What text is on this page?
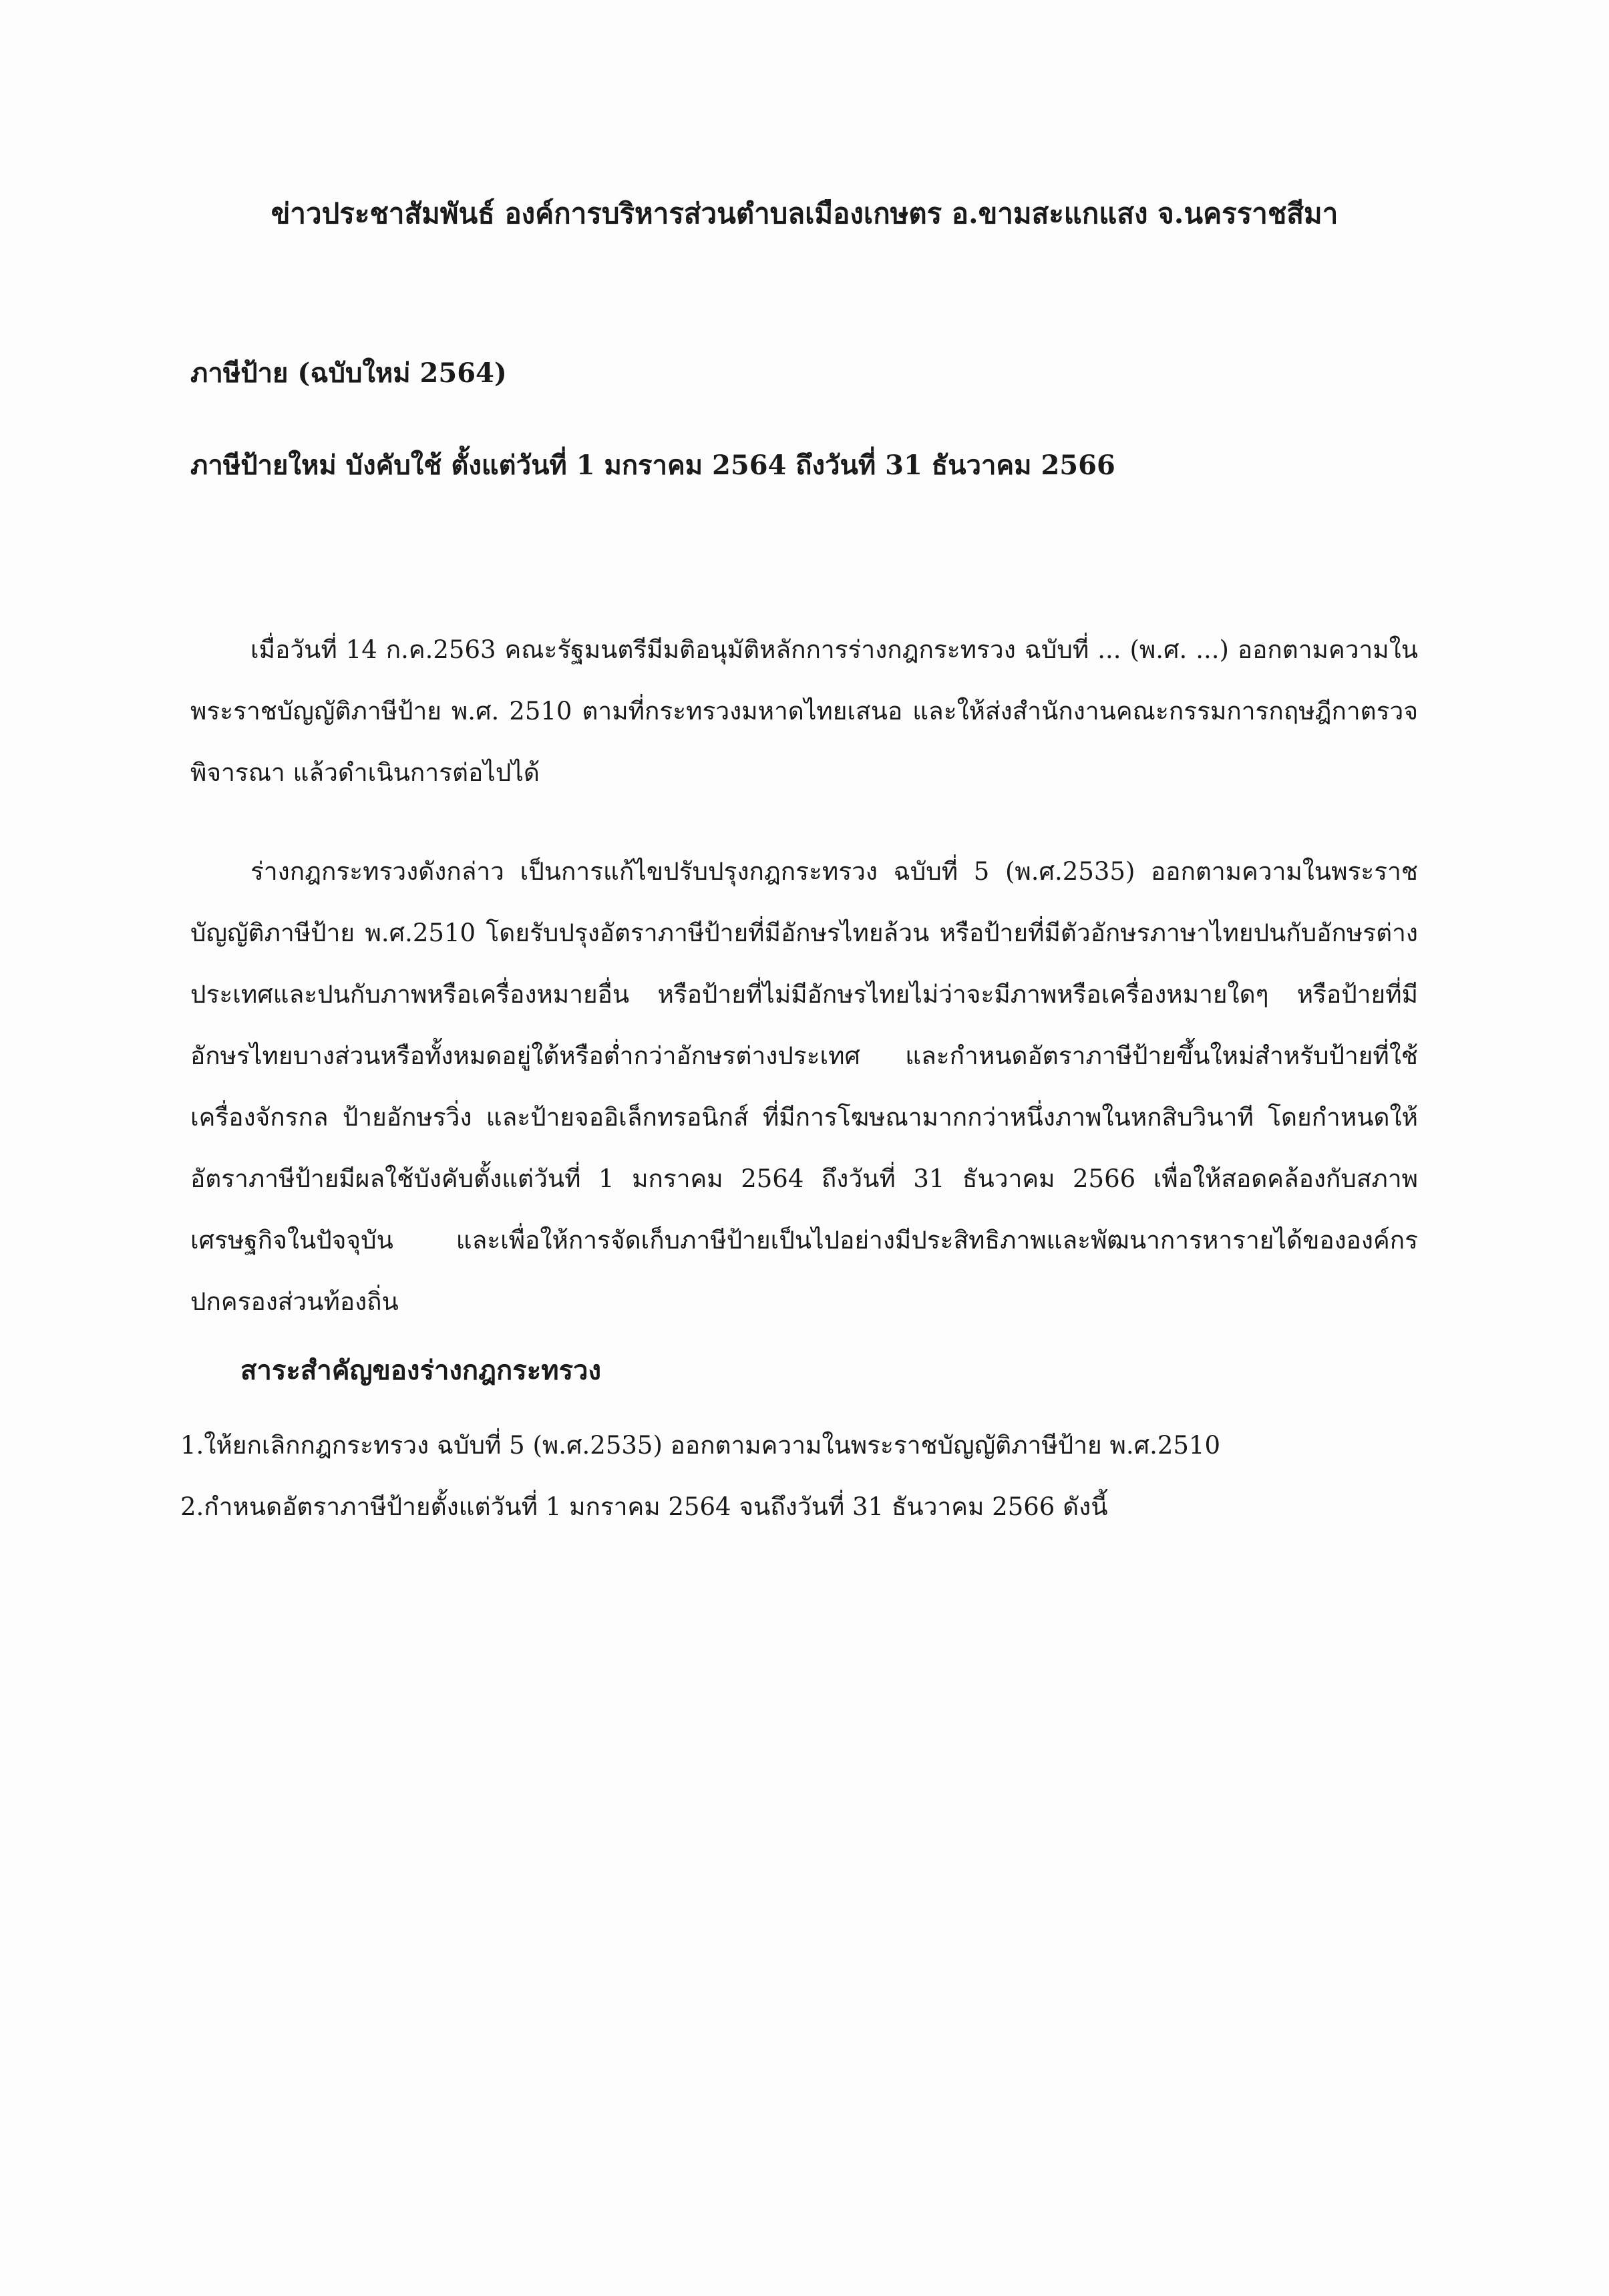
ข่าวประชาสัมพันธ์ องค์การบริหารส่วนตำบลเมืองเกษตร อ.ขามสะแกแสง จ.นครราชสีมา
ภาษีป้าย (ฉบับใหม่ 2564)
ภาษีป้ายใหม่ บังคับใช้ ตั้งแต่วันที่ 1 มกราคม 2564 ถึงวันที่ 31 ธันวาคม 2566

เมื่อวันที่ 14 ก.ค.2563 คณะรัฐมนตรีมีมติอนุมัติหลักการร่างกฎกระทรวง ฉบับที่ ... (พ.ศ. ...) ออกตามความในพระราชบัญญัติภาษีป้าย พ.ศ. 2510 ตามที่กระทรวงมหาดไทยเสนอ และให้ส่งสำนักงานคณะกรรมการกฤษฎีกาตรวจพิจารณา แล้วดำเนินการต่อไปได้

ร่างกฎกระทรวงดังกล่าว เป็นการแก้ไขปรับปรุงกฎกระทรวง ฉบับที่ 5 (พ.ศ.2535) ออกตามความในพระราชบัญญัติภาษีป้าย พ.ศ.2510 โดยรับปรุงอัตราภาษีป้ายที่มีอักษรไทยล้วน หรือป้ายที่มีตัวอักษรภาษาไทยปนกับอักษรต่างประเทศและปนกับภาพหรือเครื่องหมายอื่น หรือป้ายที่ไม่มีอักษรไทยไม่ว่าจะมีภาพหรือเครื่องหมายใดๆ หรือป้ายที่มีอักษรไทยบางส่วนหรือทั้งหมดอยู่ใต้หรือต่ำกว่าอักษรต่างประเทศ และกำหนดอัตราภาษีป้ายขึ้นใหม่สำหรับป้ายที่ใช้เครื่องจักรกล ป้ายอักษรวิ่ง และป้ายจออิเล็กทรอนิกส์ ที่มีการโฆษณามากกว่าหนึ่งภาพในหกสิบวินาที โดยกำหนดให้อัตราภาษีป้ายมีผลใช้บังคับตั้งแต่วันที่ 1 มกราคม 2564 ถึงวันที่ 31 ธันวาคม 2566 เพื่อให้สอดคล้องกับสภาพเศรษฐกิจในปัจจุบัน และเพื่อให้การจัดเก็บภาษีป้ายเป็นไปอย่างมีประสิทธิภาพและพัฒนาการหารายได้ขององค์กรปกครองส่วนท้องถิ่น

สาระสำคัญของร่างกฎกระทรวง
1.ให้ยกเลิกกฎกระทรวง ฉบับที่ 5 (พ.ศ.2535) ออกตามความในพระราชบัญญัติภาษีป้าย พ.ศ.2510
2.กำหนดอัตราภาษีป้ายตั้งแต่วันที่ 1 มกราคม 2564 จนถึงวันที่ 31 ธันวาคม 2566 ดังนี้
